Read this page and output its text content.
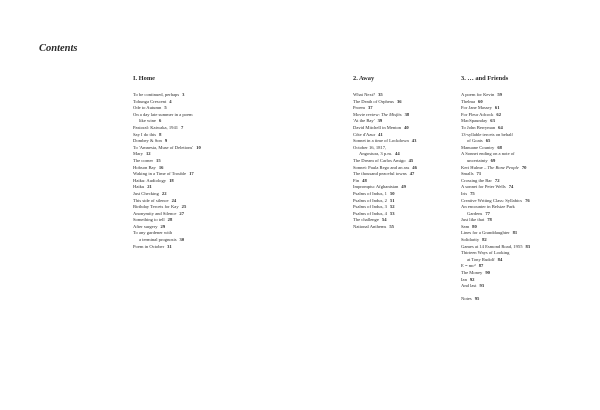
Contents
I. Home
To be continued, perhaps 3
Tohunga Crescent 4
Ode to Autumn 5
On a day late summer in a poem
like wine 6
Pastoral: Kaiwaka, 1941 7
Say I do this 8
Dombey & Son 9
To 'Amnesia, Muse of Deletions' 10
Mary 12
The corner 15
Hobson Bay 16
Waking in a Time of Trouble 17
Haiku: Audiology 18
Haiku 21
Just Checking 22
This side of silence 24
Birthday Tercets for Kay 25
Anonymity and Silence 27
Something to tell 28
After surgery 29
To any gardener with
a terminal prognosis 30
Poem in October 31
2. Away
What Next? 35
The Death of Orpheus 36
Proem 37
Movie review: The Misfits 38
'At the Bay' 39
David Mitchell in Menton 40
Côte d'Azur 41
Sonnet in a time of Lockdown 43
October 16, 1817,
Angostura, 3 p.m. 44
The Dream of Carlos Amigo 45
Sonnet: Paula Rego and an ass 46
The thousand peaceful towns 47
Fin 48
Impromptu: Afghanistan 49
Psalms of Indus, 1 50
Psalms of Indus, 2 51
Psalms of Indus, 3 52
Psalms of Indus, 4 53
The challenge 54
National Anthems 55
3. … and Friends
A poem for Kevin 59
Thelma 60
For Jane Massey 61
For Fleur Adcock 62
MacSpaunday 63
To John Berryman 64
13-syllable tercets on behalf
of Goats 65
Manuane Country 68
A Sonnet ending on a note of
uncertainty 69
Keri Hulme – The Bone People 70
Smalls 71
Crossing the Bar 72
A sonnet for Peter Wells 74
Iris 75
Creative Writing Class: Syllabics 76
An encounter in Belsize Park
Gardens 77
Just like that 78
Sam 80
Lines for a Granddaughter 81
Solidarity 82
Games at 14 Esmond Road, 1955 83
Thirteen Ways of Looking
at Tony Rudolf 84
E = mc² 87
The Money 90
Ian 92
And last 93
Notes 95
